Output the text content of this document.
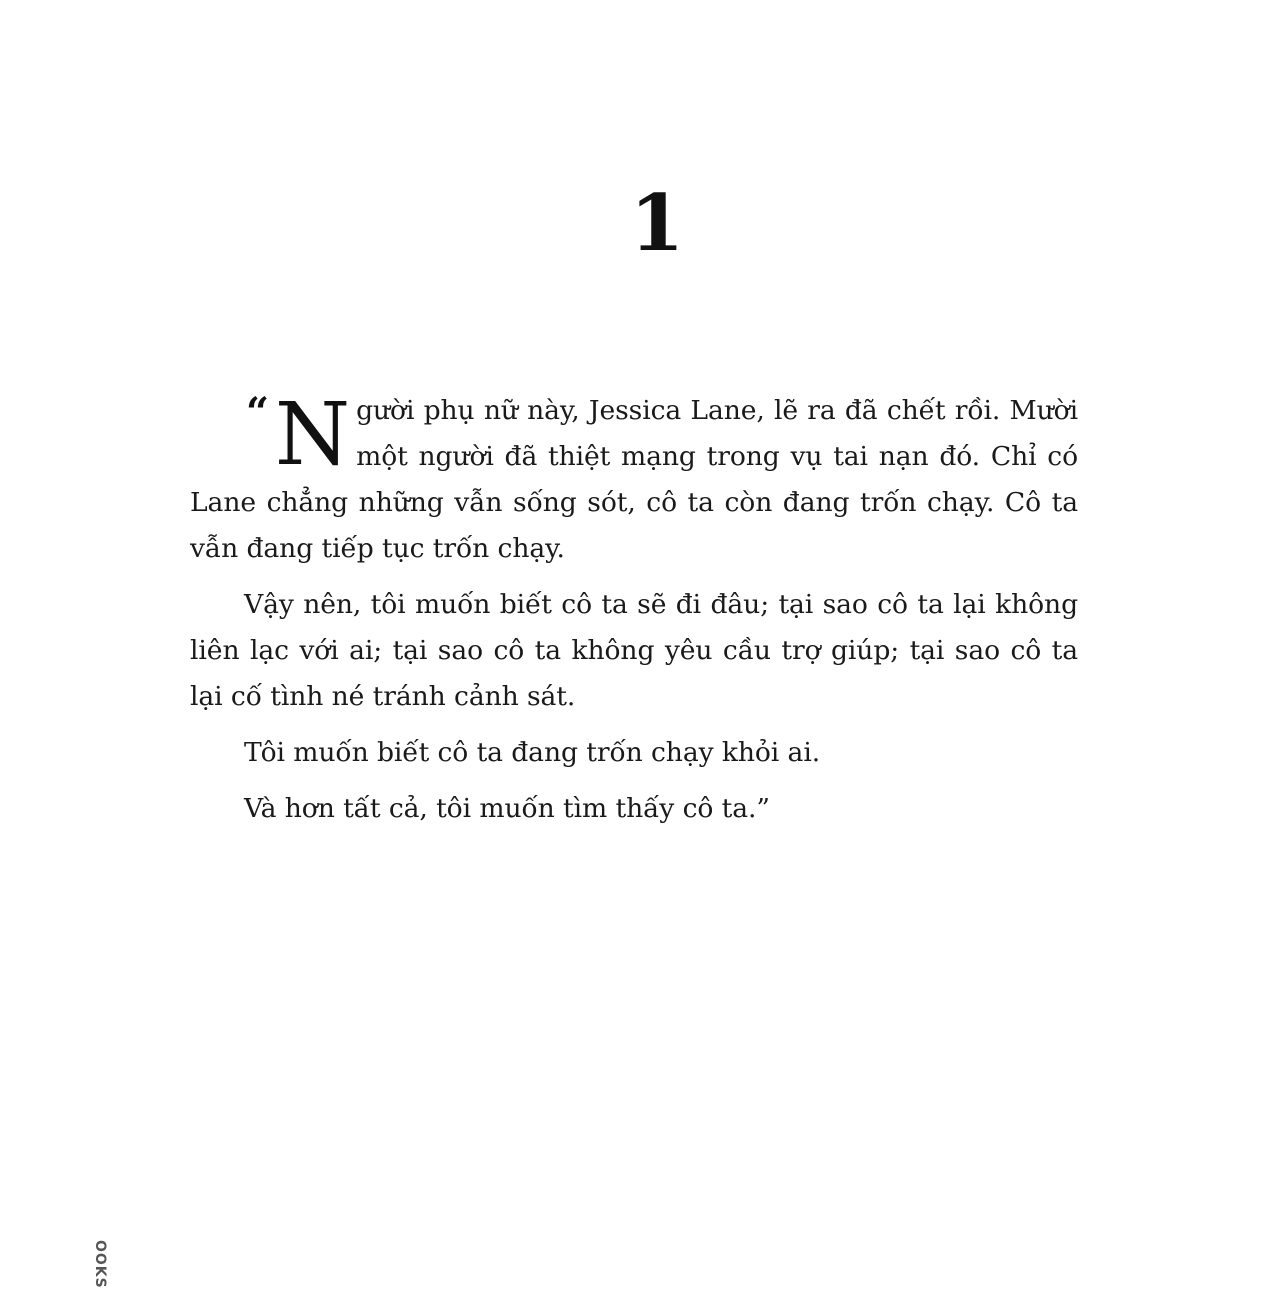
1

“ N gười phụ nữ này, Jessica Lane, lẽ ra đã chết rồi. Mười một người đã thiệt mạng trong vụ tai nạn đó. Chỉ có Lane chẳng những vẫn sống sót, cô ta còn đang trốn chạy. Cô ta vẫn đang tiếp tục trốn chạy.

Vậy nên, tôi muốn biết cô ta sẽ đi đâu; tại sao cô ta lại không liên lạc với ai; tại sao cô ta không yêu cầu trợ giúp; tại sao cô ta lại cố tình né tránh cảnh sát.

Tôi muốn biết cô ta đang trốn chạy khỏi ai.

Và hơn tất cả, tôi muốn tìm thấy cô ta.”

OOKS
